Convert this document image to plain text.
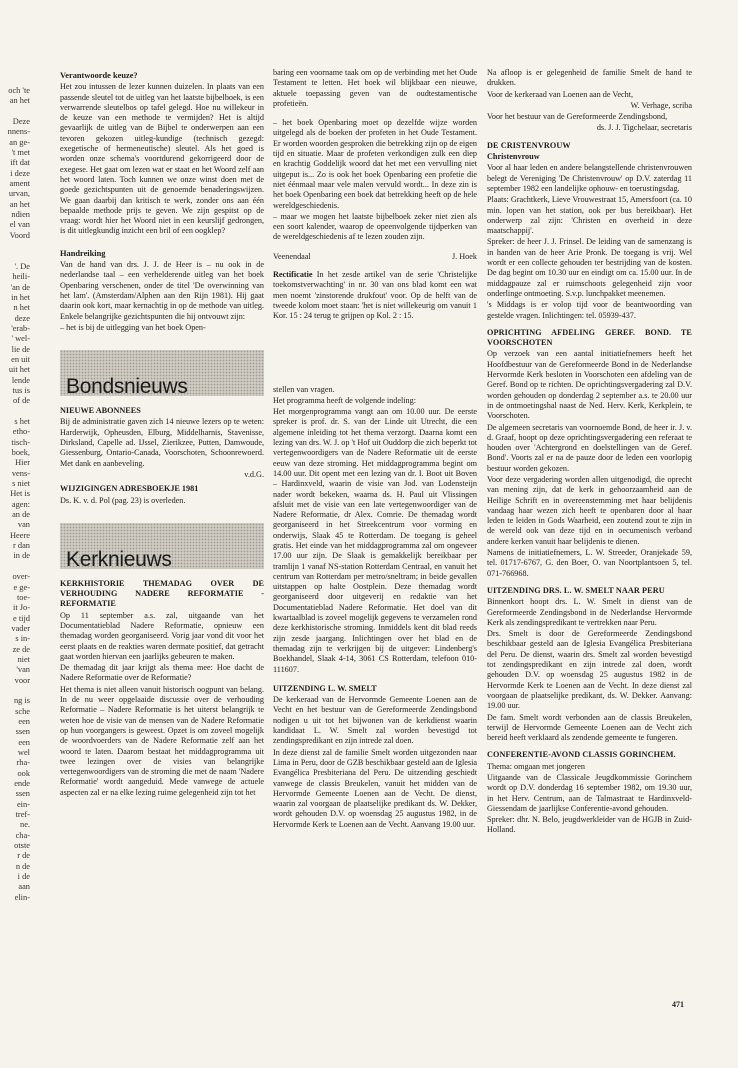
och 'te
an het
Deze
nnens-
an ge-
't met
ift dat
i deze
ament
urvan,
an het
ndien
el van
Voord
'. De
heili-
'an de
in het
n het
deze
'erab-
' wel-
lie de
en uit
uit het
lende
tus is
of de
s het
etho-
tisch-
boek,
Hier
vens-
s niet
Het is
agen:
an de
van
Heere
r dan
in de
over-
e ge-
toe-
it Jo-
e tijd
vader
s in-
ze de
niet
'van
voor
ng is
sche
een
ssen
een
wel
rha-
ook
ende
ssen
ein-
tref-
ne.
cha-
otste
r de
n de
i de
aan
elin-

Verantwoorde keuze?

Het zou intussen de lezer kunnen duizelen. In plaats van een passende sleutel tot de uitleg van het laatste bijbelboek, is een verwarrende sleutelbos op tafel gelegd. Hoe nu willekeur in de keuze van een methode te vermijden? Het is altijd gevaarlijk de uitleg van de Bijbel te onderwerpen aan een tevoren gekozen uitleg-kundige (technisch gezegd: exegetische of hermeneutische) sleutel. Als het goed is worden onze schema's voortdurend gekorrigeerd door de exegese. Het gaat om lezen wat er staat en het Woord zelf aan het woord laten. Toch kunnen we onze winst doen met de goede gezichtspunten uit de genoemde benaderingswijzen. We gaan daarbij dan kritisch te werk, zonder ons aan één bepaalde methode prijs te geven. We zijn gespitst op de vraag: wordt hier het Woord niet in een keurslijf gedrongen, is dit uitlegkundig inzicht een bril of een oogklep?

Handreiking

Van de hand van drs. J. J. de Heer is – nu ook in de nederlandse taal – een verhelderende uitleg van het boek Openbaring verschenen, onder de titel 'De overwinning van het lam'. (Amsterdam/Alphen aan den Rijn 1981). Hij gaat daarin ook kort, maar kernachtig in op de methode van uitleg. Enkele belangrijke gezichtspunten die hij ontvouwt zijn:

– het is bij de uitlegging van het boek Open-

Bondsnieuws

NIEUWE ABONNEES

Bij de administratie gaven zich 14 nieuwe lezers op te weten: Harderwijk, Opheusden, Elburg, Middelharnis, Stavenisse, Dirksland, Capelle ad. IJssel, Zierikzee, Putten, Damwoude, Giessenburg, Ontario-Canada, Voorschoten, Schoonrewoerd. Met dank en aanbeveling.

v.d.G.

WIJZIGINGEN ADRESBOEKJE 1981

Ds. K. v. d. Pol (pag. 23) is overleden.

Kerknieuws

KERKHISTORIE THEMADAG OVER DE VERHOUDING NADERE REFORMATIE - REFORMATIE

Op 11 september a.s. zal, uitgaande van het Documentatieblad Nadere Reformatie, opnieuw een themadag worden georganiseerd. Vorig jaar vond dit voor het eerst plaats en de reakties waren dermate positief, dat getracht gaat worden hiervan een jaarlijks gebeuren te maken.

De themadag dit jaar krijgt als thema mee: Hoe dacht de Nadere Reformatie over de Reformatie?

Het thema is niet alleen vanuit historisch oogpunt van belang. In de nu weer opgelaaide discussie over de verhouding Reformatie – Nadere Reformatie is het uiterst belangrijk te weten hoe de visie van de mensen van de Nadere Reformatie op hun voorgangers is geweest. Opzet is om zoveel mogelijk de woordvoerders van de Nadere Reformatie zelf aan het woord te laten. Daarom bestaat het middagprogramma uit twee lezingen over de visies van belangrijke vertegenwoordigers van de stroming die met de naam 'Nadere Reformatie' wordt aangeduid. Mede vanwege de actuele aspecten zal er na elke lezing ruime gelegenheid zijn tot het

baring een voorname taak om op de verbinding met het Oude Testament te letten. Het boek wil blijkbaar een nieuwe, aktuele toepassing geven van de oudtestamentische profetieën.

– het boek Openbaring moet op dezelfde wijze worden uitgelegd als de boeken der profeten in het Oude Testament. Er worden woorden gesproken die betrekking zijn op de eigen tijd en situatie. Maar de profeten verkondigen zulk een diep en krachtig Goddelijk woord dat het met een vervulling niet uitgeput is... Zo is ook het boek Openbaring een profetie die niet éénmaal maar vele malen vervuld wordt... In deze zin is het boek Openbaring een boek dat betrekking heeft op de hele wereldgeschiedenis.

– maar we mogen het laatste bijbelboek zeker niet zien als een soort kalender, waarop de opeenvolgende tijdperken van de wereldgeschiedenis af te lezen zouden zijn.

Veenendaal	J. Hoek

Rectificatie In het zesde artikel van de serie 'Christelijke toekomstverwachting' in nr. 30 van ons blad komt een wat men noemt 'zinstorende drukfout' voor. Op de helft van de tweede kolom moet staan: 'het is niet willekeurig om vanuit 1 Kor. 15 : 24 terug te grijpen op Kol. 2 : 15.

stellen van vragen.

Het programma heeft de volgende indeling:

Het morgenprogramma vangt aan om 10.00 uur. De eerste spreker is prof. dr. S. van der Linde uit Utrecht, die een algemene inleiding tot het thema verzorgt. Daarna komt een lezing van drs. W. J. op 't Hof uit Ouddorp die zich beperkt tot vertegenwoordigers van de Nadere Reformatie uit de eerste eeuw van deze stroming. Het middagprogramma begint om 14.00 uur. Dit opent met een lezing van dr. I. Boot uit Boven – Hardinxveld, waarin de visie van Jod. van Lodensteijn nader wordt bekeken, waarna ds. H. Paul uit Vlissingen afsluit met de visie van een late vertegenwoordiger van de Nadere Reformatie, dr Alex. Comrie. De themadag wordt georganiseerd in het Streekcentrum voor vorming en onderwijs, Slaak 45 te Rotterdam. De toegang is geheel gratis. Het einde van het middagprogramma zal om ongeveer 17.00 uur zijn. De Slaak is gemakkelijk bereikbaar per tramlijn 1 vanaf NS-station Rotterdam Centraal, en vanuit het centrum van Rotterdam per metro/sneltram; in beide gevallen uitstappen op halte Oostplein. Deze themadag wordt georganiseerd door uitgeverij en redaktie van het Documentatieblad Nadere Reformatie. Het doel van dit kwartaalblad is zoveel mogelijk gegevens te verzamelen rond deze kerkhistorische stroming. Inmiddels kent dit blad reeds zijn zesde jaargang. Inlichtingen over het blad en de themadag zijn te verkrijgen bij de uitgever: Lindenberg's Boekhandel, Slaak 4-14, 3061 CS Rotterdam, telefoon 010-111607.

UITZENDING L. W. SMELT

De kerkeraad van de Hervormde Gemeente Loenen aan de Vecht en het bestuur van de Gereformeerde Zendingsbond nodigen u uit tot het bijwonen van de kerkdienst waarin kandidaat L. W. Smelt zal worden bevestigd tot zendingspredikant en zijn intrede zal doen.

In deze dienst zal de familie Smelt worden uitgezonden naar Lima in Peru, door de GZB beschikbaar gesteld aan de Iglesia Evangélica Presbiteriana del Peru. De uitzending geschiedt vanwege de classis Breukelen, vanuit het midden van de Hervormde Gemeente Loenen aan de Vecht. De dienst, waarin zal voorgaan de plaatselijke predikant ds. W. Dekker, wordt gehouden D.V. op woensdag 25 augustus 1982, in de Hervormde Kerk te Loenen aan de Vecht. Aanvang 19.00 uur.

Na afloop is er gelegenheid de familie Smelt de hand te drukken.

Voor de kerkeraad van Loenen aan de Vecht,

W. Verhage, scriba

Voor het bestuur van de Gereformeerde Zendingsbond,

ds. J. J. Tigchelaar, secretaris

DE CRISTENVROUW

Christenvrouw

Voor al haar leden en andere belangstellende christenvrouwen belegt de Vereniging 'De Christenvrouw' op D.V. zaterdag 11 september 1982 een landelijke ophouw- en toerustingsdag.

Plaats: Grachtkerk, Lieve Vrouwestraat 15, Amersfoort (ca. 10 min. lopen van het station, ook per bus bereikbaar). Het onderwerp zal zijn: 'Christen en overheid in deze maatschappij'.

Spreker: de heer J. J. Frinsel. De leiding van de samenzang is in handen van de heer Arie Pronk. De toegang is vrij. Wel wordt er een collecte gehouden ter bestrijding van de kosten. De dag begint om 10.30 uur en eindigt om ca. 15.00 uur. In de middagpauze zal er ruimschoots gelegenheid zijn voor onderlinge ontmoeting. S.v.p. lunchpakket meenemen.

's Middags is er volop tijd voor de beantwoording van gestelde vragen. Inlichtingen: tel. 05939-437.

OPRICHTING AFDELING GEREF. BOND. TE VOORSCHOTEN

Op verzoek van een aantal initiatiefnemers heeft het Hoofdbestuur van de Gereformeerde Bond in de Nederlandse Hervormde Kerk besloten in Voorschoten een afdeling van de Geref. Bond op te richten. De oprichtingsvergadering zal D.V. worden gehouden op donderdag 2 september a.s. te 20.00 uur in de ontmoetingshal naast de Ned. Herv. Kerk, Kerkplein, te Voorschoten.

De algemeen secretaris van voornoemde Bond, de heer ir. J. v. d. Graaf, hoopt op deze oprichtingsvergadering een referaat te houden over 'Achtergrond en doelstellingen van de Geref. Bond'. Voorts zal er na de pauze door de leden een voorlopig bestuur worden gekozen.

Voor deze vergadering worden allen uitgenodigd, die oprecht van mening zijn, dat de kerk in gehoorzaamheid aan de Heilige Schrift en in overeenstemming met haar belijdenis vandaag haar wezen zich heeft te openbaren door al haar leden te leiden in Gods Waarheid, een zoutend zout te zijn in de wereld ook van deze tijd en in oecumenisch verband andere kerken vanuit haar belijdenis te dienen.

Namens de initiatiefnemers, L. W. Streeder, Oranjekade 59, tel. 01717-6767, G. den Boer, O. van Noortplantsoen 5, tel. 071-766968.

UITZENDING DRS. L. W. SMELT NAAR PERU

Binnenkort hoopt drs. L. W. Smelt in dienst van de Gereformeerde Zendingsbond in de Nederlandse Hervormde Kerk als zendingspredikant te vertrekken naar Peru.

Drs. Smelt is door de Gereformeerde Zendingsbond beschikbaar gesteld aan de Iglesia Evangélica Presbiteriana del Peru. De dienst, waarin drs. Smelt zal worden bevestigd tot zendingspredikant en zijn intrede zal doen, wordt gehouden D.V. op woensdag 25 augustus 1982 in de Hervormde Kerk te Loenen aan de Vecht. In deze dienst zal voorgaan de plaatselijke predikant, ds. W. Dekker. Aanvang: 19.00 uur.

De fam. Smelt wordt verbonden aan de classis Breukelen, terwijl de Hervormde Gemeente Loenen aan de Vecht zich bereid heeft verklaard als zendende gemeente te fungeren.

CONFERENTIE-AVOND CLASSIS GORINCHEM.

Thema: omgaan met jongeren

Uitgaande van de Classicale Jeugdkommissie Gorinchem wordt op D.V. donderdag 16 september 1982, om 19.30 uur, in het Herv. Centrum, aan de Talmastraat te Hardinxveld-Giessendam de jaarlijkse Conferentie-avond gehouden.

Spreker: dhr. N. Belo, jeugdwerkleider van de HGJB in Zuid-Holland.

471
